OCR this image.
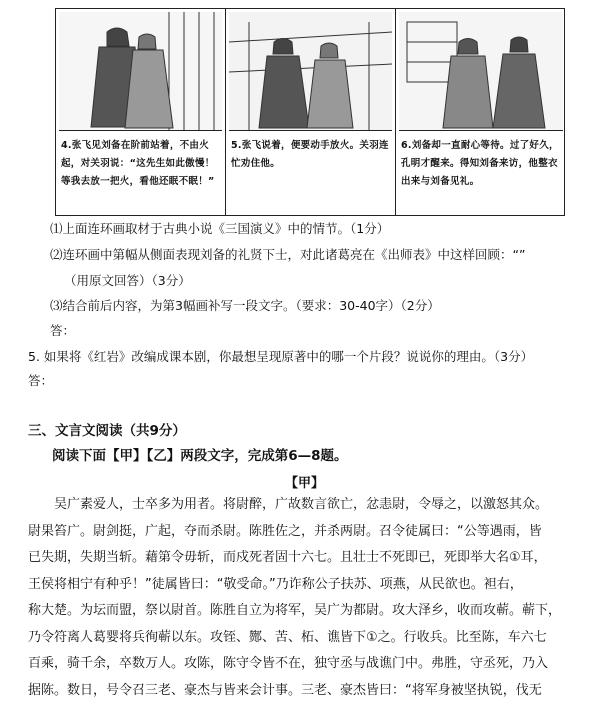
4.张飞见刘备在阶前站着，不由火起，对关羽说：“这先生如此傲慢！等我去放一把火，看他还眠不眠！”
5.张飞说着，便要动手放火。关羽连忙劝住他。
6.刘备却一直耐心等待。过了好久，孔明才醒来。得知刘备来访，他整衣出来与刘备见礼。
⑴上面连环画取材于古典小说《三国演义》中的情节。（1分）
⑵连环画中第幅从侧面表现刘备的礼贤下士，对此诸葛亮在《出师表》中这样回顾：“”
（用原文回答）（3分）
⑶结合前后内容，为第3幅画补写一段文字。（要求：30-40字）（2分）
答：
5. 如果将《红岩》改编成课本剧，你最想呈现原著中的哪一个片段？说说你的理由。（3分）
答：
三、文言文阅读（共9分）
阅读下面【甲】【乙】两段文字，完成第6—8题。
【甲】

吴广素爱人，士卒多为用者。将尉醉，广故数言欲亡，忿恚尉，令辱之，以激怒其众。

尉果笞广。尉剑挺，广起，夺而杀尉。陈胜佐之，并杀两尉。召令徒属曰：“公等遇雨，皆

已失期，失期当斩。藉第令毋斩，而戍死者固十六七。且壮士不死即已，死即举大名①耳，

王侯将相宁有种乎！”徒属皆曰：“敬受命。”乃诈称公子扶苏、项燕，从民欲也。袒右，

称大楚。为坛而盟，祭以尉首。陈胜自立为将军，吴广为都尉。攻大泽乡，收而攻蕲。蕲下，

乃令符离人葛婴将兵徇蕲以东。攻铚、酂、苦、柘、谯皆下①之。行收兵。比至陈，车六七

百乘，骑千余，卒数万人。攻陈，陈守令皆不在，独守丞与战谯门中。弗胜，守丞死，乃入

据陈。数日，号令召三老、豪杰与皆来会计事。三老、豪杰皆曰：“将军身被坚执锐，伐无
